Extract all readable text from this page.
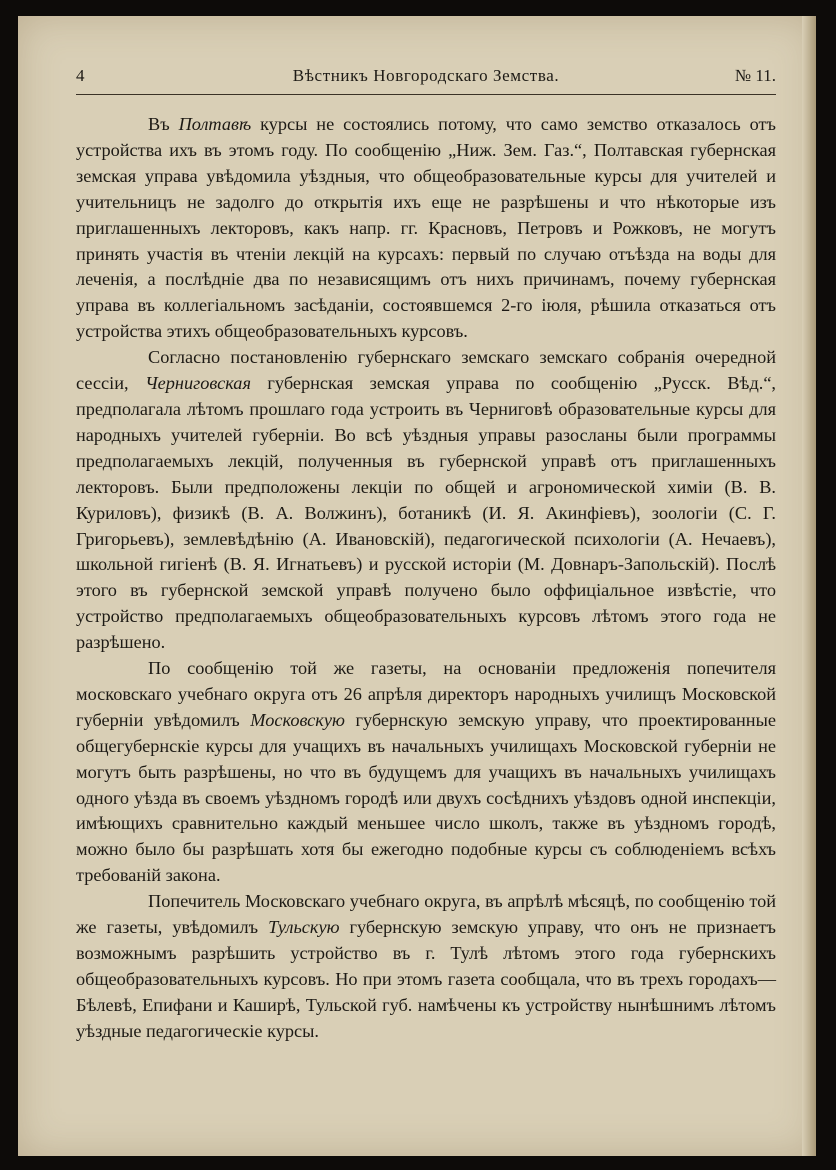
4	Вѣстникъ Новгородскаго Земства.	№ 11.

Въ Полтавѣ курсы не состоялись потому, что само земство отказалось отъ устройства ихъ въ этомъ году. По сообщенію „Ниж. Зем. Газ.“, Полтавская губернская земская управа увѣдомила уѣздныя, что общеобразовательные курсы для учителей и учительницъ не задолго до открытія ихъ еще не разрѣшены и что нѣкоторые изъ приглашенныхъ лекторовъ, какъ напр. гг. Красновъ, Петровъ и Рожковъ, не могутъ принять участія въ чтеніи лекцій на курсахъ: первый по случаю отъѣзда на воды для леченія, а послѣдніе два по независящимъ отъ нихъ причинамъ, почему губернская управа въ коллегіальномъ засѣданіи, состоявшемся 2-го іюля, рѣшила отказаться отъ устройства этихъ общеобразовательныхъ курсовъ.

Согласно постановленію губернскаго земскаго земскаго собранія очередной сессіи, Черниговская губернская земская управа по сообщенію „Русск. Вѣд.“, предполагала лѣтомъ прошлаго года устроить въ Черниговѣ образовательные курсы для народныхъ учителей губерніи. Во всѣ уѣздныя управы разосланы были программы предполагаемыхъ лекцій, полученныя въ губернской управѣ отъ приглашенныхъ лекторовъ. Были предположены лекціи по общей и агрономической химіи (В. В. Куриловъ), физикѣ (В. А. Волжинъ), ботаникѣ (И. Я. Акинфіевъ), зоологіи (С. Г. Григорьевъ), землевѣдѣнію (А. Ивановскій), педагогической психологіи (А. Нечаевъ), школьной гигіенѣ (В. Я. Игнатьевъ) и русской исторіи (М. Довнаръ-Запольскій). Послѣ этого въ губернской земской управѣ получено было оффиціальное извѣстіе, что устройство предполагаемыхъ общеобразовательныхъ курсовъ лѣтомъ этого года не разрѣшено.

По сообщенію той же газеты, на основаніи предложенія попечителя московскаго учебнаго округа отъ 26 апрѣля директоръ народныхъ училищъ Московской губерніи увѣдомилъ Московскую губернскую земскую управу, что проектированные общегубернскіе курсы для учащихъ въ начальныхъ училищахъ Московской губерніи не могутъ быть разрѣшены, но что въ будущемъ для учащихъ въ начальныхъ училищахъ одного уѣзда въ своемъ уѣздномъ городѣ или двухъ сосѣднихъ уѣздовъ одной инспекціи, имѣющихъ сравнительно каждый меньшее число школъ, также въ уѣздномъ городѣ, можно было бы разрѣшать хотя бы ежегодно подобные курсы съ соблюденіемъ всѣхъ требованій закона.

Попечитель Московскаго учебнаго округа, въ апрѣлѣ мѣсяцѣ, по сообщенію той же газеты, увѣдомилъ Тульскую губернскую земскую управу, что онъ не признаетъ возможнымъ разрѣшить устройство въ г. Тулѣ лѣтомъ этого года губернскихъ общеобразовательныхъ курсовъ. Но при этомъ газета сообщала, что въ трехъ городахъ—Бѣлевѣ, Епифани и Каширѣ, Тульской губ. намѣчены къ устройству нынѣшнимъ лѣтомъ уѣздные педагогическіе курсы.
